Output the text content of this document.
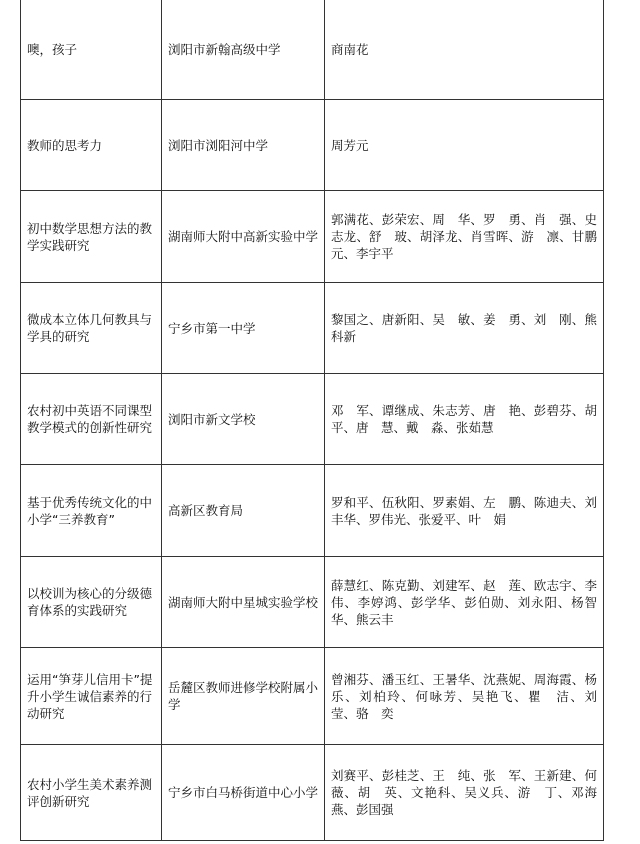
噢，孩子	浏阳市新翰高级中学	商南花
教师的思考力	浏阳市浏阳河中学	周芳元
初中数学思想方法的教学实践研究	湖南师大附中高新实验中学	郭满花、彭荣宏、周　华、罗　勇、肖　强、史志龙、舒　玻、胡泽龙、肖雪晖、游　凛、甘鹏元、李宇平
微成本立体几何教具与学具的研究	宁乡市第一中学	黎国之、唐新阳、吴　敏、姜　勇、刘　刚、熊科新
农村初中英语不同课型教学模式的创新性研究	浏阳市新文学校	邓　军、谭继成、朱志芳、唐　艳、彭碧芬、胡　平、唐　慧、戴　淼、张茹慧
基于优秀传统文化的中小学“三养教育”	高新区教育局	罗和平、伍秋阳、罗素娟、左　鹏、陈迪夫、刘丰华、罗伟光、张爱平、叶　娟
以校训为核心的分级德育体系的实践研究	湖南师大附中星城实验学校	薛慧红、陈克勤、刘建军、赵　莲、欧志宇、李　伟、李婷鸿、彭学华、彭伯勋、刘永阳、杨智华、熊云丰
运用“笋芽儿信用卡”提升小学生诚信素养的行动研究	岳麓区教师进修学校附属小学	曾湘芬、潘玉红、王暑华、沈燕妮、周海霞、杨　乐、刘柏玲、何咏芳、吴艳飞、瞿　洁、刘　莹、骆　奕
农村小学生美术素养测评创新研究	宁乡市白马桥街道中心小学	刘赛平、彭桂芝、王　纯、张　军、王新建、何　薇、胡　英、文艳科、吴义兵、游　丁、邓海燕、彭国强
